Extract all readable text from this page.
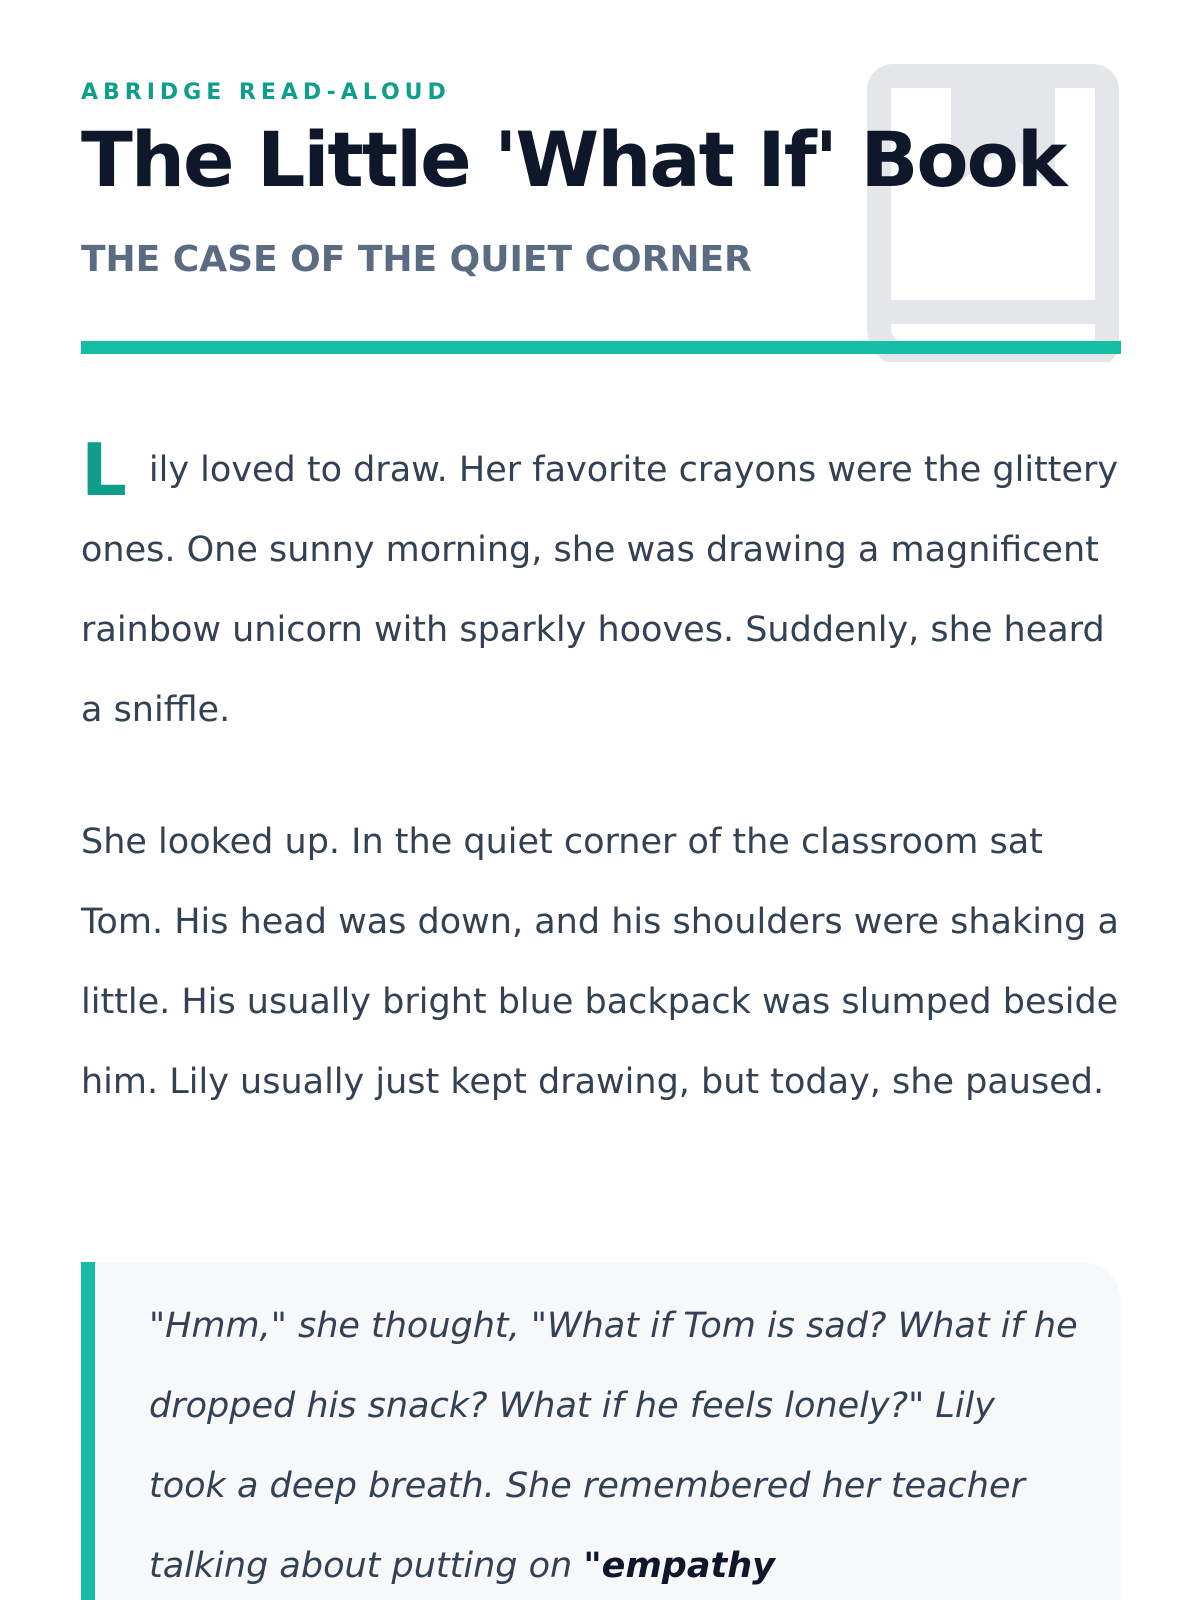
ABRIDGE READ-ALOUD
The Little 'What If' Book
THE CASE OF THE QUIET CORNER

Lily loved to draw. Her favorite crayons were the glittery ones. One sunny morning, she was drawing a magnificent rainbow unicorn with sparkly hooves. Suddenly, she heard a sniffle.

She looked up. In the quiet corner of the classroom sat Tom. His head was down, and his shoulders were shaking a little. His usually bright blue backpack was slumped beside him. Lily usually just kept drawing, but today, she paused.

"Hmm," she thought, "What if Tom is sad? What if he dropped his snack? What if he feels lonely?" Lily took a deep breath. She remembered her teacher talking about putting on "empathy
